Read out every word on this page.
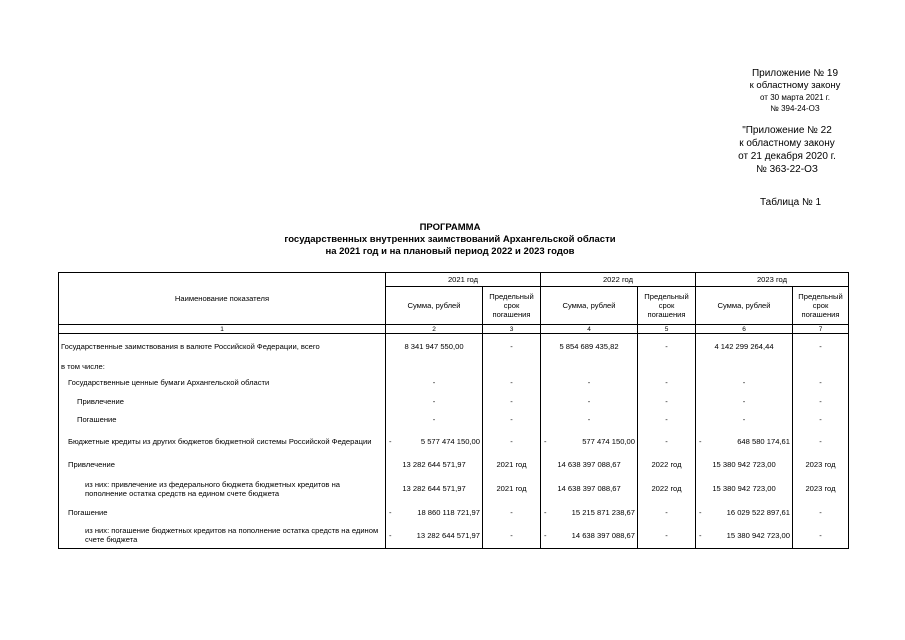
Приложение № 19
к областному закону
от 30 марта 2021 г.
№ 394-24-ОЗ
"Приложение № 22
к областному закону
от 21 декабря 2020 г.
№ 363-22-ОЗ
Таблица № 1
ПРОГРАММА
государственных внутренних заимствований Архангельской области
на 2021 год и на плановый период 2022 и 2023 годов
Наименование показателя	2021 год		2022 год		2023 год	
	Сумма, рублей	Предельный срок погашения	Сумма, рублей	Предельный срок погашения	Сумма, рублей	Предельный срок погашения
1	2	3	4	5	6	7
Государственные заимствования в валюте Российской Федерации, всего	8 341 947 550,00	-	5 854 689 435,82	-	4 142 299 264,44	-
в том числе:						
Государственные ценные бумаги Архангельской области	-	-	-	-	-	-
Привлечение	-	-	-	-	-	-
Погашение	-	-	-	-	-	-
Бюджетные кредиты из других бюджетов бюджетной системы Российской Федерации	- 5 577 474 150,00	-	- 577 474 150,00	-	- 648 580 174,61	-
Привлечение	13 282 644 571,97	2021 год	14 638 397 088,67	2022 год	15 380 942 723,00	2023 год
из них: привлечение из федерального бюджета бюджетных кредитов на пополнение остатка средств на едином счете бюджета	13 282 644 571,97	2021 год	14 638 397 088,67	2022 год	15 380 942 723,00	2023 год
Погашение	- 18 860 118 721,97	-	- 15 215 871 238,67	-	- 16 029 522 897,61	-
из них: погашение бюджетных кредитов на пополнение остатка средств на едином счете бюджета	- 13 282 644 571,97	-	- 14 638 397 088,67	-	- 15 380 942 723,00	-
